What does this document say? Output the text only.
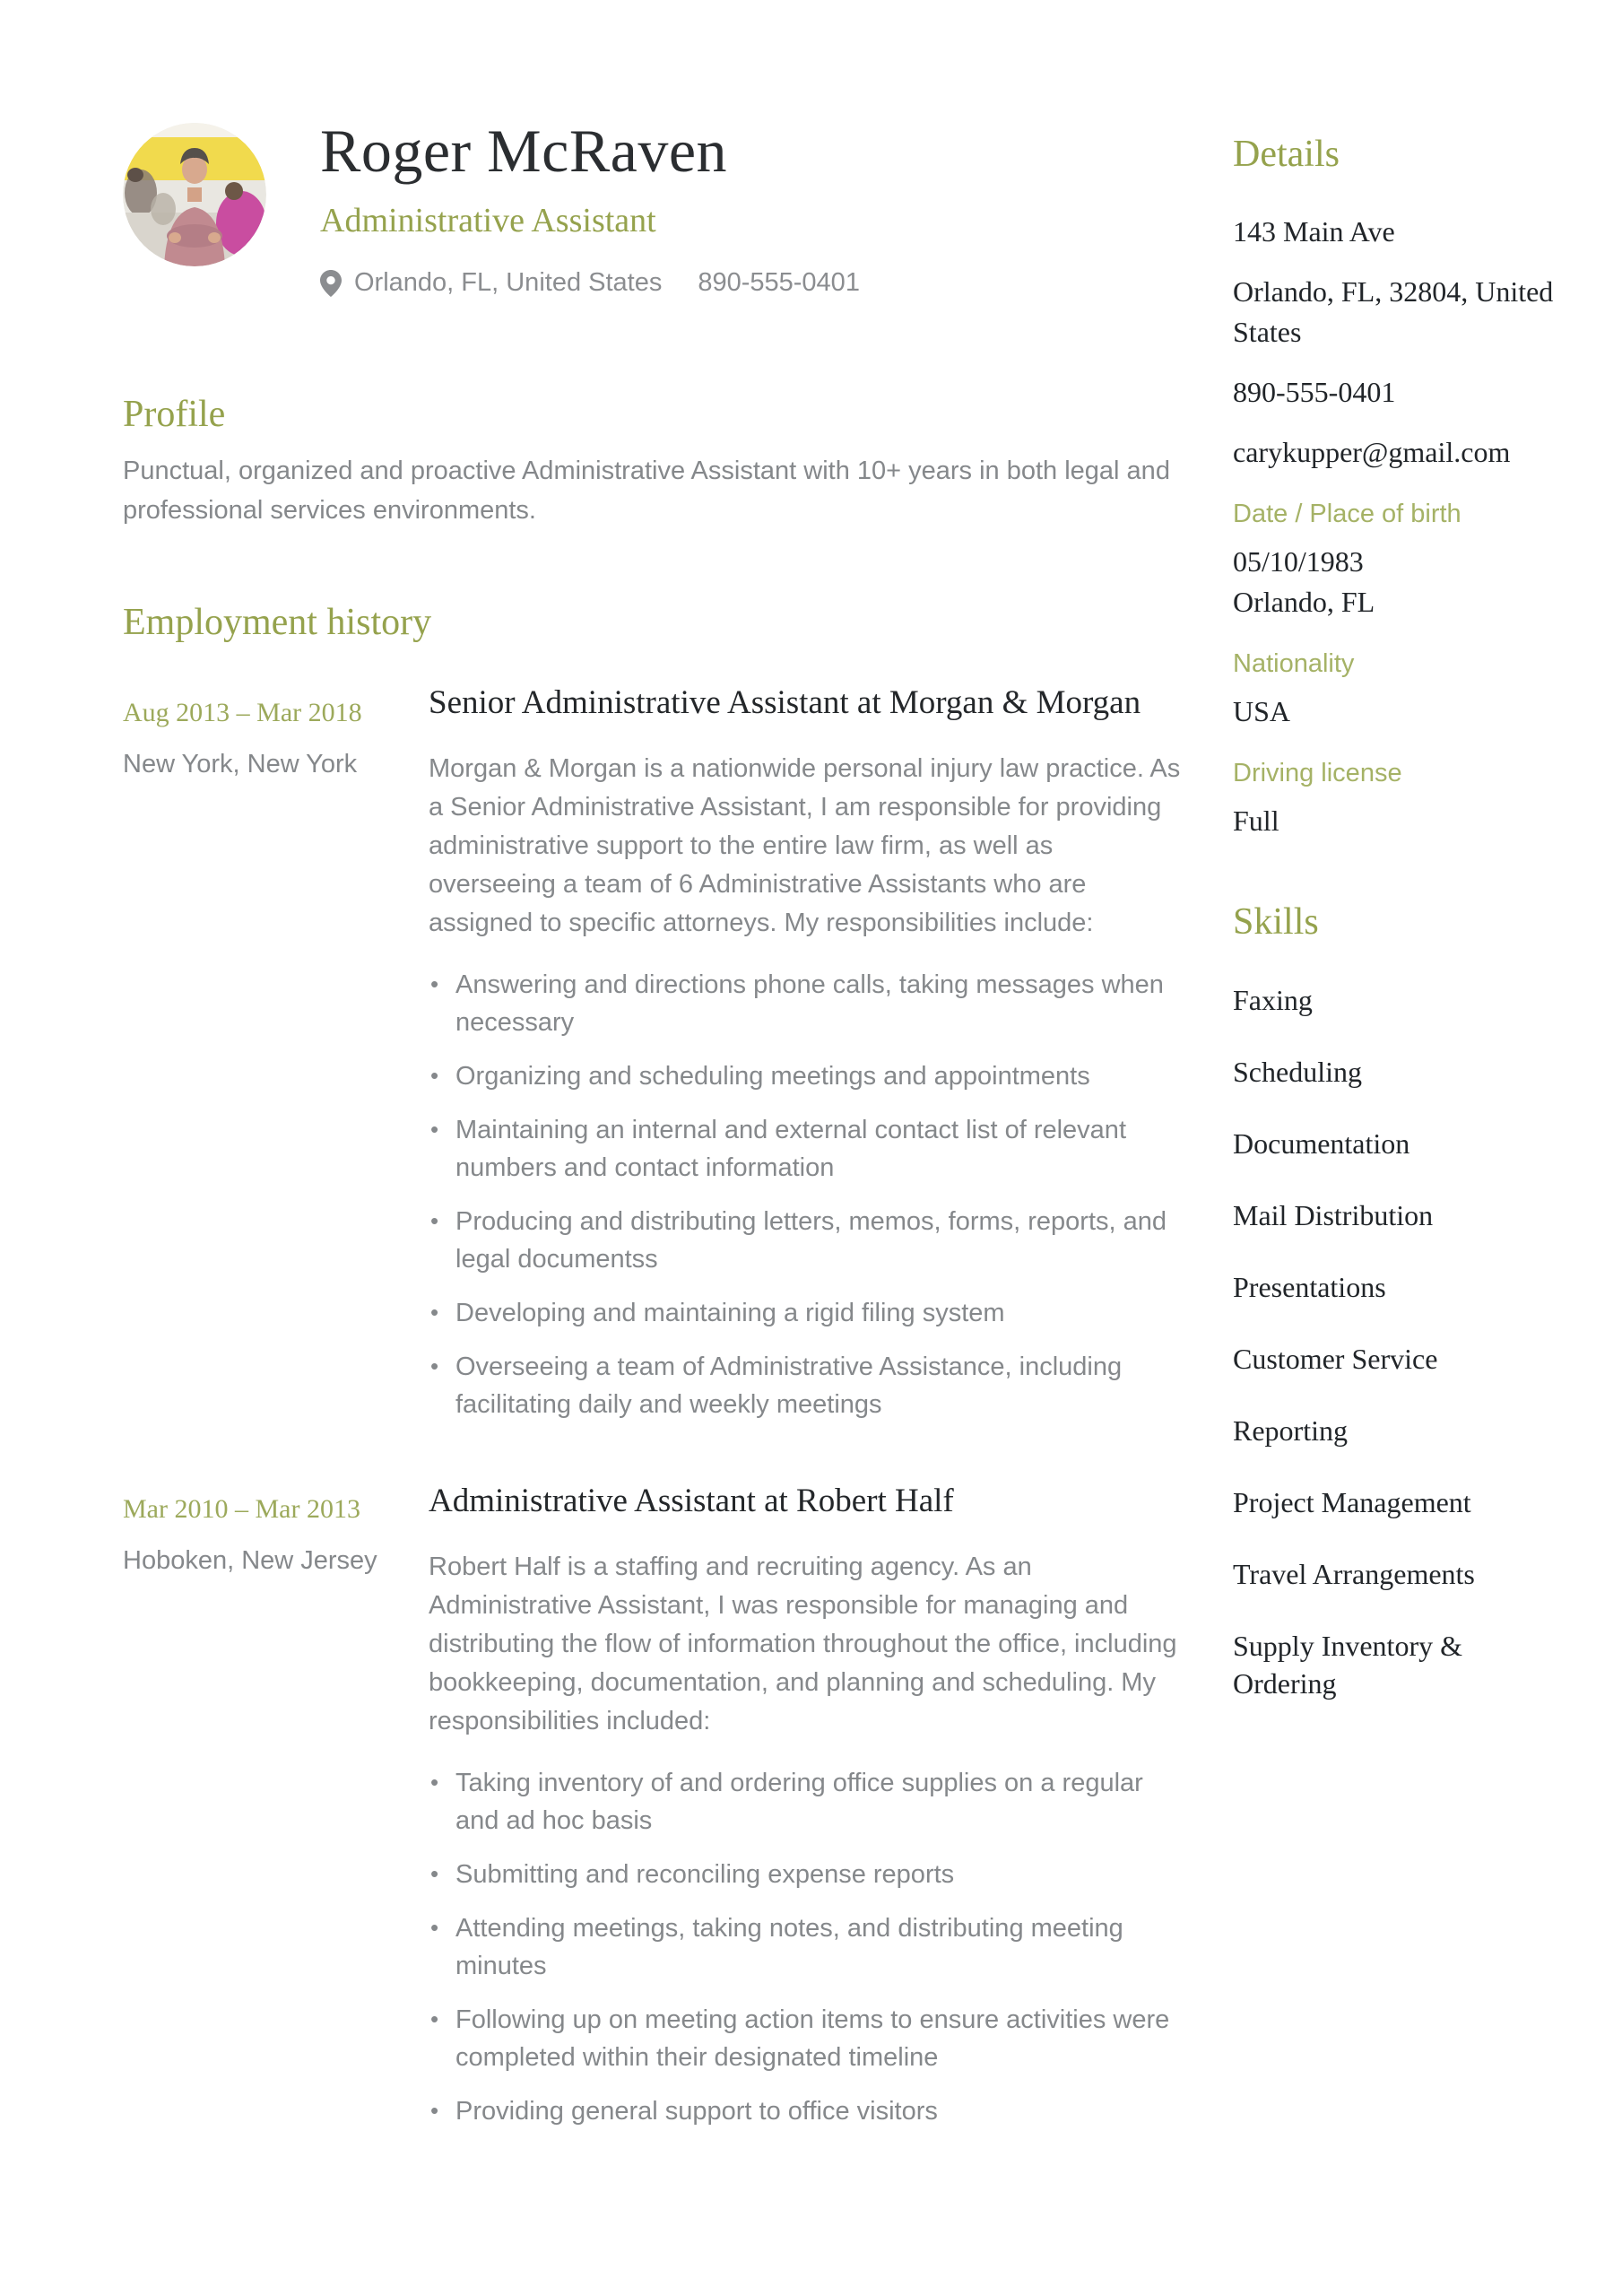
Roger McRaven
Administrative Assistant
Orlando, FL, United States 890-555-0401
Profile
Punctual, organized and proactive Administrative Assistant with 10+ years in both legal and professional services environments.
Employment history
Aug 2013 – Mar 2018
New York, New York
Senior Administrative Assistant at Morgan & Morgan
Morgan & Morgan is a nationwide personal injury law practice. As a Senior Administrative Assistant, I am responsible for providing administrative support to the entire law firm, as well as overseeing a team of 6 Administrative Assistants who are assigned to specific attorneys. My responsibilities include:
• Answering and directions phone calls, taking messages when necessary
• Organizing and scheduling meetings and appointments
• Maintaining an internal and external contact list of relevant numbers and contact information
• Producing and distributing letters, memos, forms, reports, and legal documentss
• Developing and maintaining a rigid filing system
• Overseeing a team of Administrative Assistance, including facilitating daily and weekly meetings
Mar 2010 – Mar 2013
Hoboken, New Jersey
Administrative Assistant at Robert Half
Robert Half is a staffing and recruiting agency. As an Administrative Assistant, I was responsible for managing and distributing the flow of information throughout the office, including bookkeeping, documentation, and planning and scheduling. My responsibilities included:
• Taking inventory of and ordering office supplies on a regular and ad hoc basis
• Submitting and reconciling expense reports
• Attending meetings, taking notes, and distributing meeting minutes
• Following up on meeting action items to ensure activities were completed within their designated timeline
• Providing general support to office visitors
Details
143 Main Ave
Orlando, FL, 32804, United States
890-555-0401
carykupper@gmail.com
Date / Place of birth
05/10/1983
Orlando, FL
Nationality
USA
Driving license
Full
Skills
Faxing
Scheduling
Documentation
Mail Distribution
Presentations
Customer Service
Reporting
Project Management
Travel Arrangements
Supply Inventory & Ordering
